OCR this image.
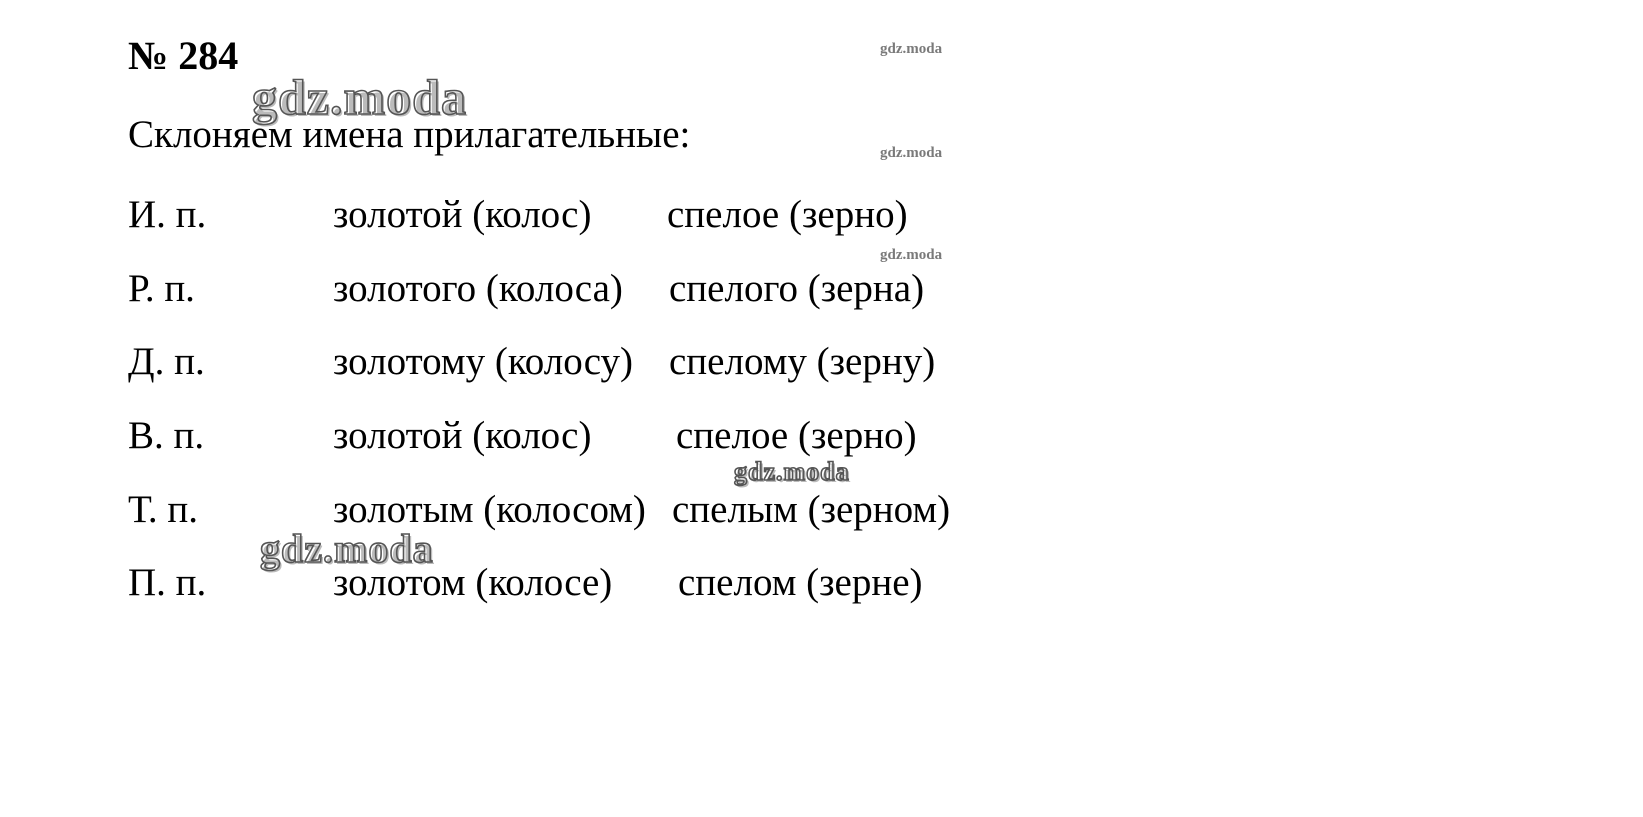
№ 284
Склоняем имена прилагательные:
И. п.	золотой (колос) спелое (зерно)
Р. п.	золотого (колоса) спелого (зерна)
Д. п.	золотому (колосу) спелому (зерну)
В. п.	золотой (колос) спелое (зерно)
Т. п.	золотым (колосом) спелым (зерном)
П. п.	золотом (колосе) спелом (зерне)
gdz.moda
gdz.moda
gdz.moda
gdz.moda
gdz.moda
gdz.moda
